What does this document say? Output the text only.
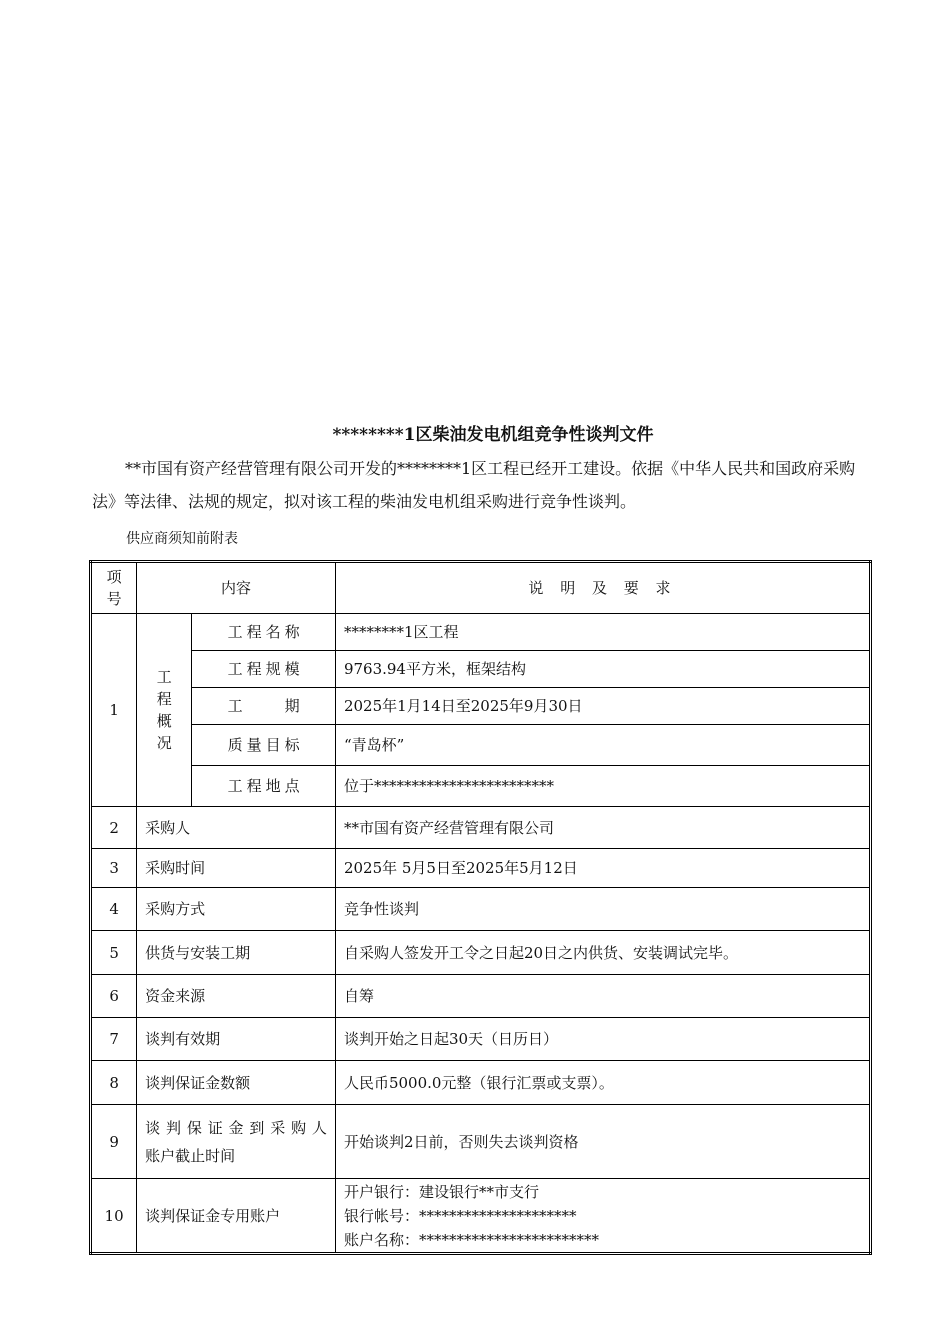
********1区柴油发电机组竞争性谈判文件

**市国有资产经营管理有限公司开发的********1区工程已经开工建设。依据《中华人民共和国政府采购法》等法律、法规的规定，拟对该工程的柴油发电机组采购进行竞争性谈判。

供应商须知前附表
项号	内容		说 明 及 要 求
1	工程概况	工程名称	********1区工程

		工程规模	9763.94平方米，框架结构

		工 期	2025年1月14日至2025年9月30日

		质量目标	“青岛杯”

		工程地点	位于************************
2	采购人		**市国有资产经营管理有限公司
3	采购时间		2025年 5月5日至2025年5月12日
4	采购方式		竞争性谈判
5	供货与安装工期		自采购人签发开工令之日起20日之内供货、安装调试完毕。
6	资金来源		自筹
7	谈判有效期		谈判开始之日起30天（日历日）
8	谈判保证金数额		人民币5000.0元整（银行汇票或支票）。
9	谈判保证金到采购人
账户截止时间		开始谈判2日前，否则失去谈判资格
10	谈判保证金专用账户		开户银行：建设银行**市支行
银行帐号：*********************
账户名称：************************
